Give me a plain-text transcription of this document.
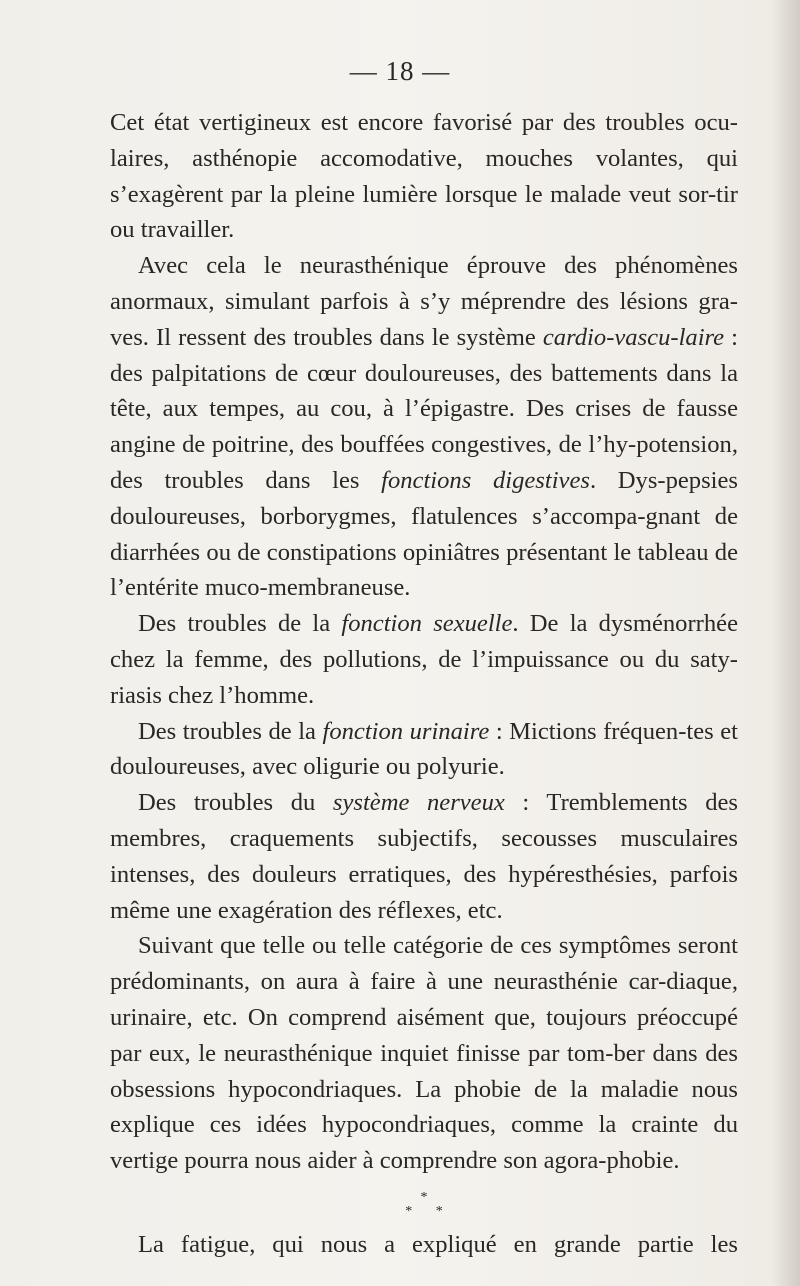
— 18 —

Cet état vertigineux est encore favorisé par des troubles ocu-laires, asthénopie accomodative, mouches volantes, qui s’exagèrent par la pleine lumière lorsque le malade veut sor-tir ou travailler.

Avec cela le neurasthénique éprouve des phénomènes anormaux, simulant parfois à s’y méprendre des lésions gra-ves. Il ressent des troubles dans le système cardio-vascu-laire : des palpitations de cœur douloureuses, des battements dans la tête, aux tempes, au cou, à l’épigastre. Des crises de fausse angine de poitrine, des bouffées congestives, de l’hy-potension, des troubles dans les fonctions digestives. Dys-pepsies douloureuses, borborygmes, flatulences s’accompa-gnant de diarrhées ou de constipations opiniâtres présentant le tableau de l’entérite muco-membraneuse.

Des troubles de la fonction sexuelle. De la dysménorrhée chez la femme, des pollutions, de l’impuissance ou du saty-riasis chez l’homme.

Des troubles de la fonction urinaire : Mictions fréquen-tes et douloureuses, avec oligurie ou polyurie.

Des troubles du système nerveux : Tremblements des membres, craquements subjectifs, secousses musculaires intenses, des douleurs erratiques, des hypéresthésies, parfois même une exagération des réflexes, etc.

Suivant que telle ou telle catégorie de ces symptômes seront prédominants, on aura à faire à une neurasthénie car-diaque, urinaire, etc. On comprend aisément que, toujours préoccupé par eux, le neurasthénique inquiet finisse par tom-ber dans des obsessions hypocondriaques. La phobie de la maladie nous explique ces idées hypocondriaques, comme la crainte du vertige pourra nous aider à comprendre son agora-phobie.

*
* *

La fatigue, qui nous a expliqué en grande partie les
